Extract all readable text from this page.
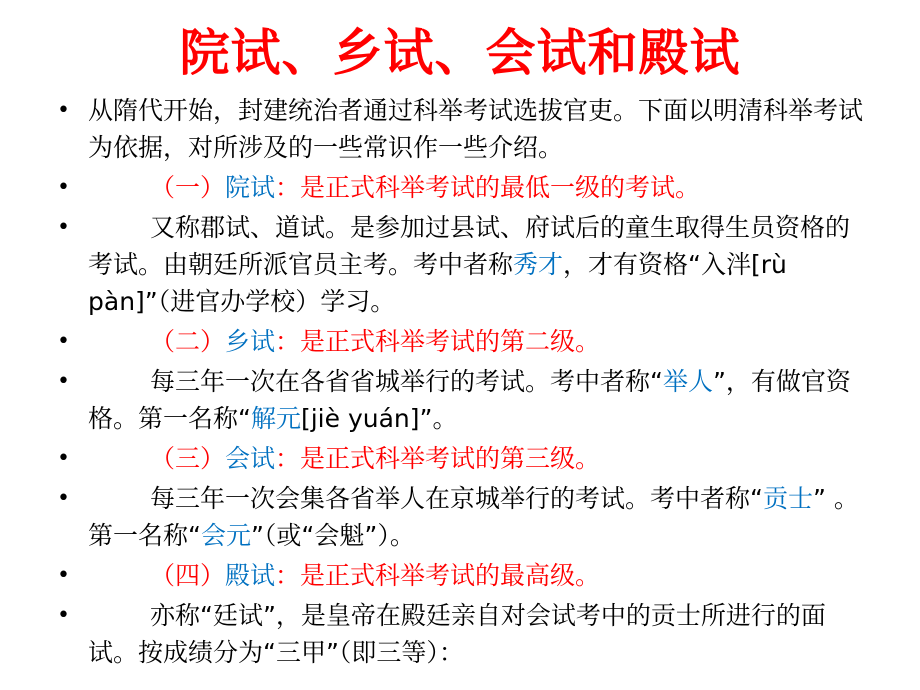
院试、乡试、会试和殿试
• 从隋代开始，封建统治者通过科举考试选拔官吏。下面以明清科举考试为依据，对所涉及的一些常识作一些介绍。
•	（一）院试：是正式科举考试的最低一级的考试。
•	又称郡试、道试。是参加过县试、府试后的童生取得生员资格的考试。由朝廷所派官员主考。考中者称秀才，才有资格“入泮[rù pàn]”（进官办学校）学习。
•	（二）乡试：是正式科举考试的第二级。
•	每三年一次在各省省城举行的考试。考中者称“举人”，有做官资格。第一名称“解元[jiè yuán]”。
•	（三）会试：是正式科举考试的第三级。
•	每三年一次会集各省举人在京城举行的考试。考中者称“贡士” 。第一名称“会元”（或“会魁”）。
•	（四）殿试：是正式科举考试的最高级。
•	亦称“廷试”，是皇帝在殿廷亲自对会试考中的贡士所进行的面试。按成绩分为“三甲”（即三等）：
